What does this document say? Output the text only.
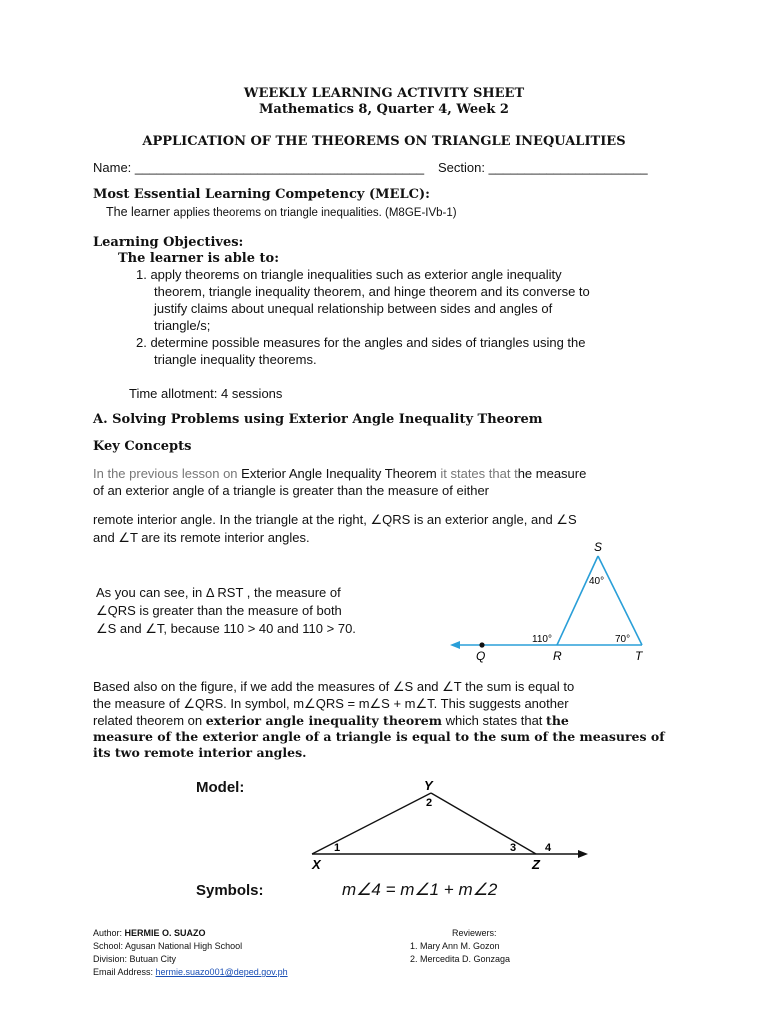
WEEKLY LEARNING ACTIVITY SHEET
Mathematics 8, Quarter 4, Week 2
APPLICATION OF THE THEOREMS ON TRIANGLE INEQUALITIES
Name: ________________________________________ Section: ______________________
Most Essential Learning Competency (MELC):
The learner applies theorems on triangle inequalities. (M8GE-IVb-1)
Learning Objectives:
The learner is able to:
1. apply theorems on triangle inequalities such as exterior angle inequality
theorem, triangle inequality theorem, and hinge theorem and its converse to
justify claims about unequal relationship between sides and angles of
triangle/s;
2. determine possible measures for the angles and sides of triangles using the
triangle inequality theorems.
Time allotment: 4 sessions
A. Solving Problems using Exterior Angle Inequality Theorem
Key Concepts
In the previous lesson on Exterior Angle Inequality Theorem it states that the measure
of an exterior angle of a triangle is greater than the measure of either
remote interior angle. In the triangle at the right, ∠QRS is an exterior angle, and ∠S
and ∠T are its remote interior angles.
As you can see, in Δ RST , the measure of
∠QRS is greater than the measure of both
∠S and ∠T, because 110 > 40 and 110 > 70.
S
40°
110°	70°
Q	R	T
Based also on the figure, if we add the measures of ∠S and ∠T the sum is equal to
the measure of ∠QRS. In symbol, m∠QRS = m∠S + m∠T. This suggests another
related theorem on exterior angle inequality theorem which states that the
measure of the exterior angle of a triangle is equal to the sum of the measures of
its two remote interior angles.
Model:	Y
2
1	3	4
X	Z
Symbols:	m∠4 = m∠1 + m∠2
Author: HERMIE O. SUAZO
School: Agusan National High School
Division: Butuan City
Email Address: hermie.suazo001@deped.gov.ph
Reviewers:
1. Mary Ann M. Gozon
2. Mercedita D. Gonzaga
